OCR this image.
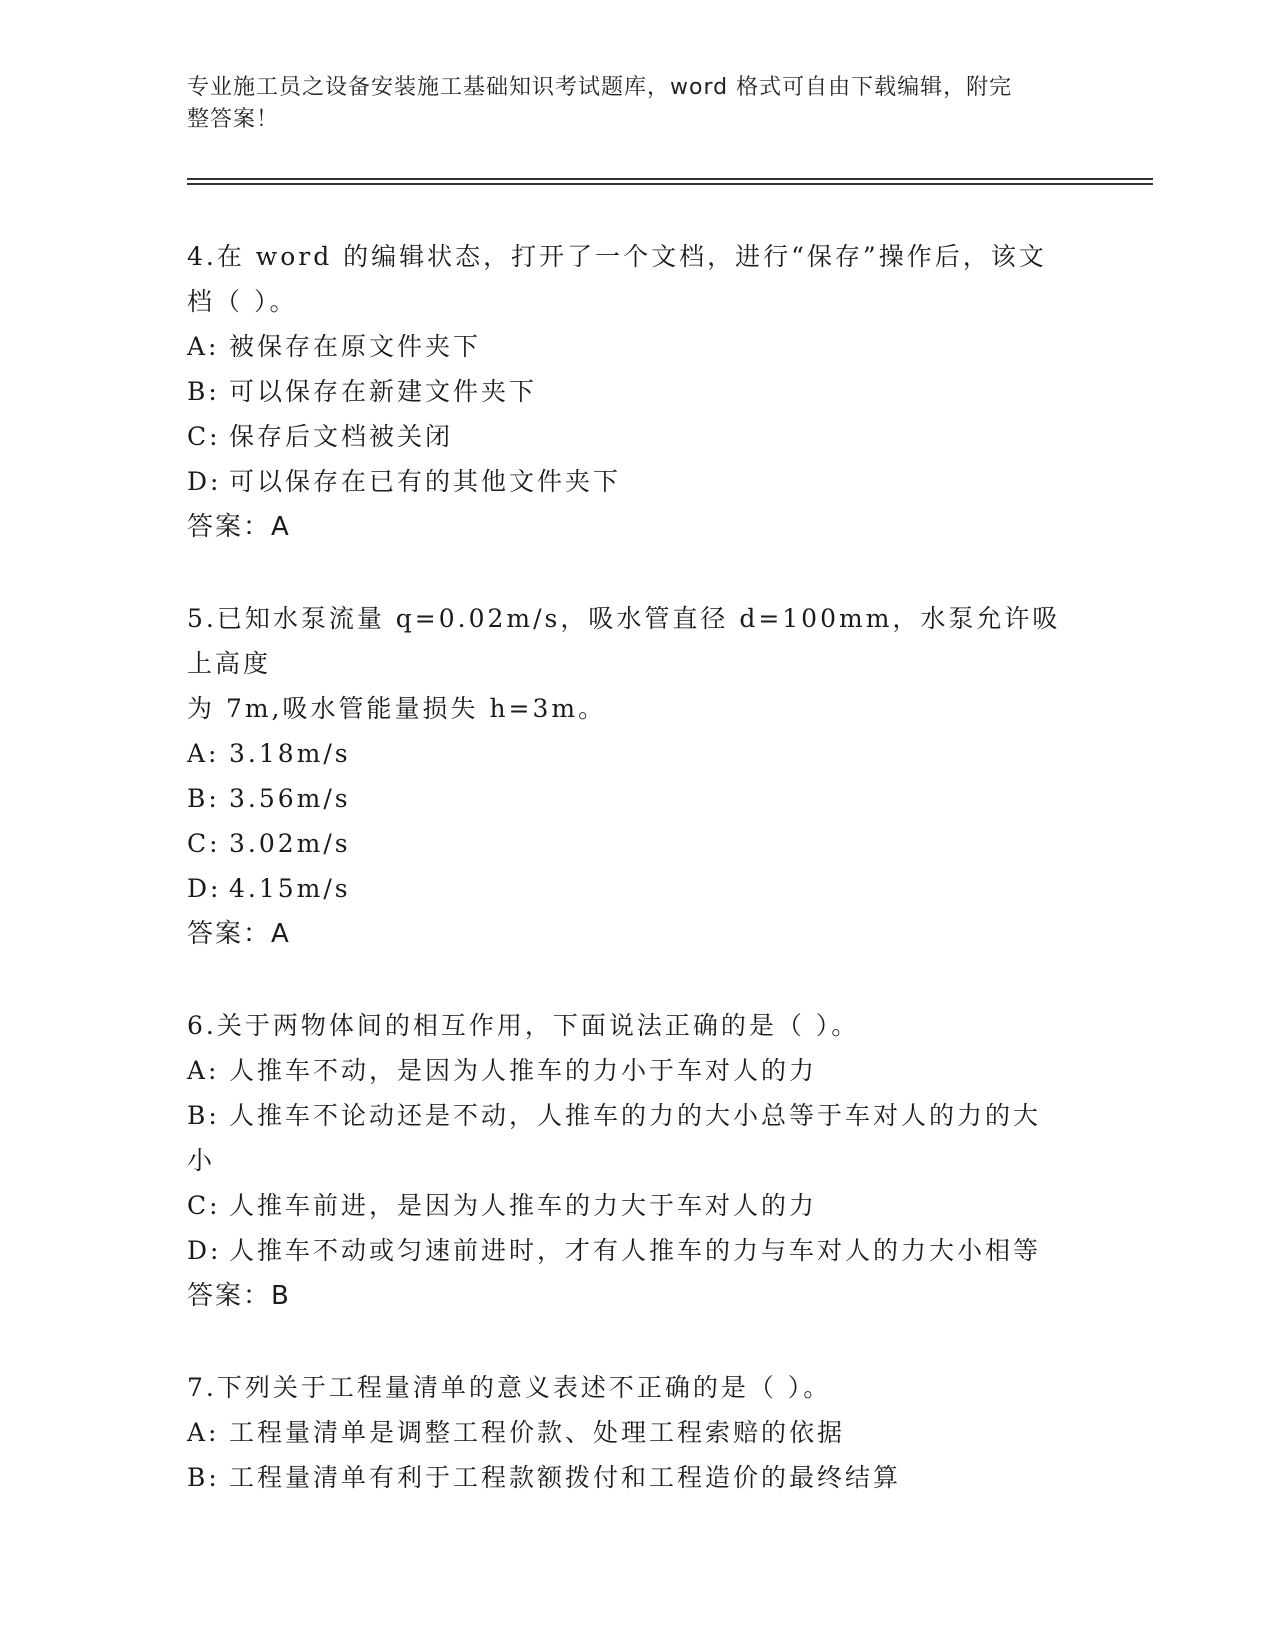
专业施工员之设备安装施工基础知识考试题库，word 格式可自由下载编辑，附完
整答案！
4.在 word 的编辑状态，打开了一个文档，进行“保存”操作后，该文
档（ ）。
A: 被保存在原文件夹下
B: 可以保存在新建文件夹下
C: 保存后文档被关闭
D: 可以保存在已有的其他文件夹下
答案：A
5.已知水泵流量 q=0.02m/s，吸水管直径 d=100mm，水泵允许吸上高度
为 7m,吸水管能量损失 h=3m。
A: 3.18m/s
B: 3.56m/s
C: 3.02m/s
D: 4.15m/s
答案：A
6.关于两物体间的相互作用，下面说法正确的是（ ）。
A: 人推车不动，是因为人推车的力小于车对人的力
B: 人推车不论动还是不动，人推车的力的大小总等于车对人的力的大
小
C: 人推车前进，是因为人推车的力大于车对人的力
D: 人推车不动或匀速前进时，才有人推车的力与车对人的力大小相等
答案：B
7.下列关于工程量清单的意义表述不正确的是（ ）。
A: 工程量清单是调整工程价款、处理工程索赔的依据
B: 工程量清单有利于工程款额拨付和工程造价的最终结算
